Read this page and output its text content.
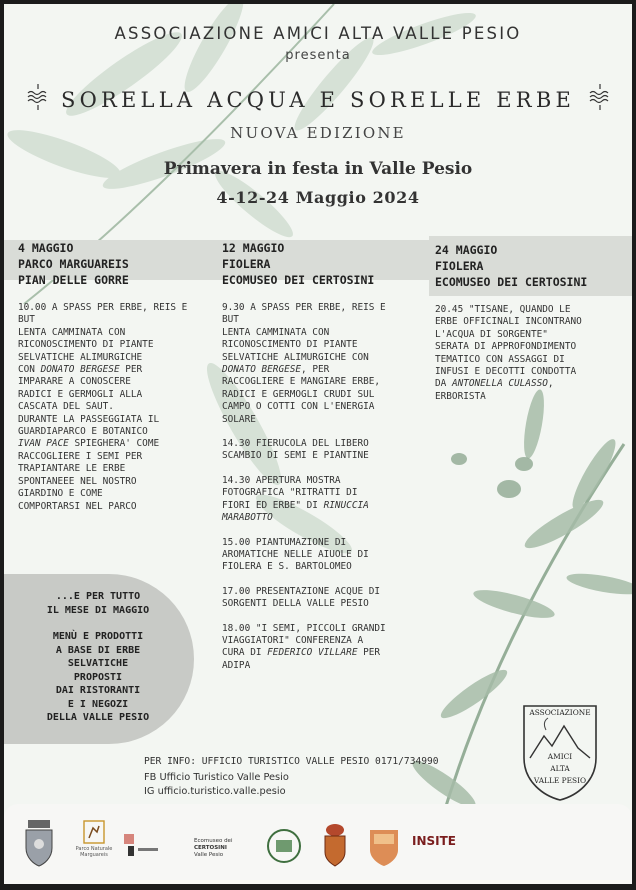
ASSOCIAZIONE AMICI ALTA VALLE PESIO
presenta
SORELLA ACQUA E SORELLE ERBE
NUOVA EDIZIONE
Primavera in festa in Valle Pesio
4-12-24 Maggio 2024
4 MAGGIO
PARCO MARGUAREIS
PIAN DELLE GORRE
12 MAGGIO
FIOLERA
ECOMUSEO DEI CERTOSINI
24 MAGGIO
FIOLERA
ECOMUSEO DEI CERTOSINI

10.00 A SPASS PER ERBE, REIS E
BUT
LENTA CAMMINATA CON
RICONOSCIMENTO DI PIANTE
SELVATICHE ALIMURGICHE
CON DONATO BERGESE PER
IMPARARE A CONOSCERE
RADICI E GERMOGLI ALLA
CASCATA DEL SAUT.
DURANTE LA PASSEGGIATA IL
GUARDIAPARCO E BOTANICO
IVAN PACE SPIEGHERA' COME
RACCOGLIERE I SEMI PER
TRAPIANTARE LE ERBE
SPONTANEEE NEL NOSTRO
GIARDINO E COME
COMPORTARSI NEL PARCO

9.30 A SPASS PER ERBE, REIS E
BUT
LENTA CAMMINATA CON
RICONOSCIMENTO DI PIANTE
SELVATICHE ALIMURGICHE CON
DONATO BERGESE, PER
RACCOGLIERE E MANGIARE ERBE,
RADICI E GERMOGLI CRUDI SUL
CAMPO O COTTI CON L'ENERGIA
SOLARE

14.30 FIERUCOLA DEL LIBERO
SCAMBIO DI SEMI E PIANTINE

14.30 APERTURA MOSTRA
FOTOGRAFICA "RITRATTI DI
FIORI ED ERBE" DI RINUCCIA
MARABOTTO

15.00 PIANTUMAZIONE DI
AROMATICHE NELLE AIUOLE DI
FIOLERA E S. BARTOLOMEO

17.00 PRESENTAZIONE ACQUE DI
SORGENTI DELLA VALLE PESIO

18.00 "I SEMI, PICCOLI GRANDI
VIAGGIATORI" CONFERENZA A
CURA DI FEDERICO VILLARE PER
ADIPA

20.45 "TISANE, QUANDO LE
ERBE OFFICINALI INCONTRANO
L'ACQUA DI SORGENTE"
SERATA DI APPROFONDIMENTO
TEMATICO CON ASSAGGI DI
INFUSI E DECOTTI CONDOTTA
DA ANTONELLA CULASSO,
ERBORISTA

...E PER TUTTO
IL MESE DI MAGGIO
MENÙ E PRODOTTI
A BASE DI ERBE
SELVATICHE
PROPOSTI
DAI RISTORANTI
E I NEGOZI
DELLA VALLE PESIO
PER INFO: UFFICIO TURISTICO VALLE PESIO 0171/734990
FB Ufficio Turistico Valle Pesio
IG ufficio.turistico.valle.pesio
ASSOCIAZIONE
AMICI
ALTA
VALLE PESIO
Parco Naturale
Marguareis
Ecomuseo dei
CERTOSINI
Valle Pesio
INSITE
